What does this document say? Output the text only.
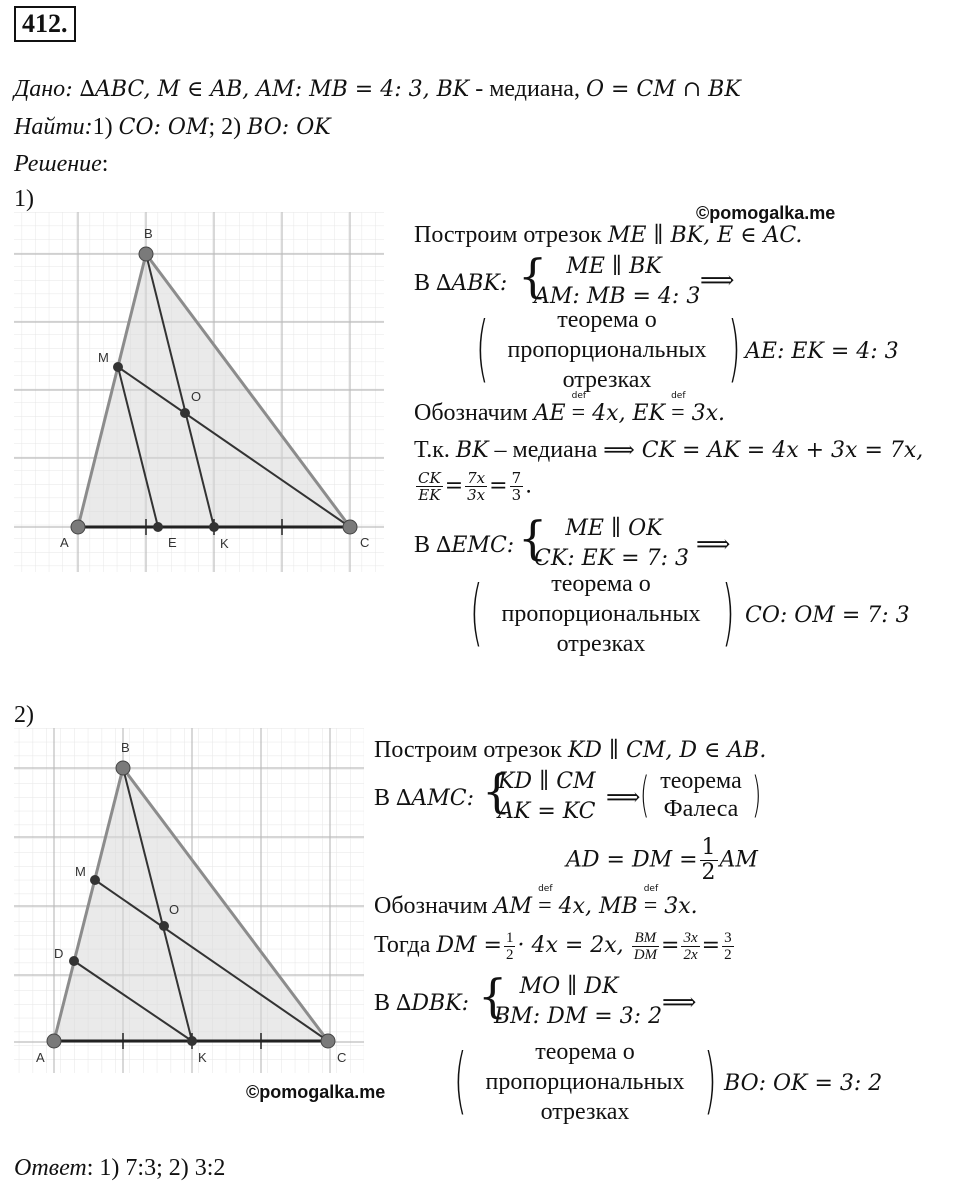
412.
Дано: ∆ABC, M ∈ AB, AM: MB = 4: 3, BK - медиана, O = CM ∩ BK
Найти:1) CO: OM; 2) BO: OK
Решение:
1)
A
B
C
M
O
E	K
©pomogalka.me
Построим отрезок ME ∥ BK, E ∈ AC.
В ∆ABK: { ME ∥ BK
AM: MB = 4: 3
⟹
(	)
теорема о
пропорциональных
отрезках
AE: EK = 4: 3
Обозначим AE
def
= 4x, EK
def
= 3x.
Т.к. BK – медиана ⟹ CK = AK = 4x + 3x = 7x,
$\frac{CK}{EK} = \frac{7x}{3x} = \frac{7}{3}$ .
В ∆EMC: { ME ∥ OK
CK: EK = 7: 3
⟹
(	)
теорема о
пропорциональных
отрезках
CO: OM = 7: 3
2)
A
B
C
M
O
D
K
©pomogalka.me
Построим отрезок KD ∥ CM, D ∈ AB.
В ∆AMC: {
KD ∥ CM
AK = KC
⟹ ( )
теорема
Фалеса
AD = DM = $\frac{1}{2}$ AM
Обозначим AM
def
= 4x, MB
def
= 3x.
Тогда DM = $\frac{1}{2} \cdot 4x = 2x$, $\frac{BM}{DM} = \frac{3x}{2x} = \frac{3}{2}$
В ∆DBK: { MO ∥ DK
BM: DM = 3: 2
⟹
(	)
теорема о
пропорциональных
отрезках
BO: OK = 3: 2
Ответ: 1) 7:3; 2) 3:2
